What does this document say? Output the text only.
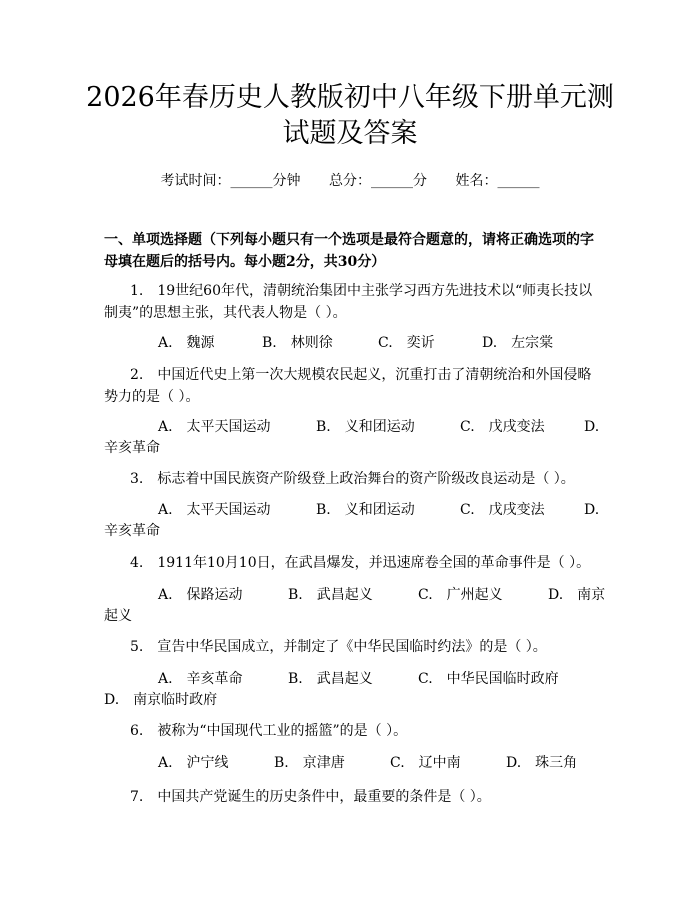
2026年春历史人教版初中八年级下册单元测
试题及答案
考试时间：______分钟 总分：______分 姓名：______
一、单项选择题（下列每小题只有一个选项是最符合题意的，请将正确选项的字母填在题后的括号内。每小题2分，共30分）
1.　19世纪60年代，清朝统治集团中主张学习西方先进技术以“师夷长技以制夷”的思想主张，其代表人物是（ ）。
A.　魏源	B.　林则徐	C.　奕䜣	D.　左宗棠
2.　中国近代史上第一次大规模农民起义，沉重打击了清朝统治和外国侵略势力的是（ ）。
A.　太平天国运动	B.　义和团运动	C.　戊戌变法	D.
辛亥革命
3.　标志着中国民族资产阶级登上政治舞台的资产阶级改良运动是（ ）。
A.　太平天国运动	B.　义和团运动	C.　戊戌变法	D.
辛亥革命
4.　1911年10月10日，在武昌爆发，并迅速席卷全国的革命事件是（ ）。
A.　保路运动	B.　武昌起义	C.　广州起义	D.　南京
起义
5.　宣告中华民国成立，并制定了《中华民国临时约法》的是（ ）。
A.　辛亥革命	B.　武昌起义	C.　中华民国临时政府
D.　南京临时政府
6.　被称为“中国现代工业的摇篮”的是（ ）。
A.　沪宁线	B.　京津唐	C.　辽中南	D.　珠三角
7.　中国共产党诞生的历史条件中，最重要的条件是（ ）。
